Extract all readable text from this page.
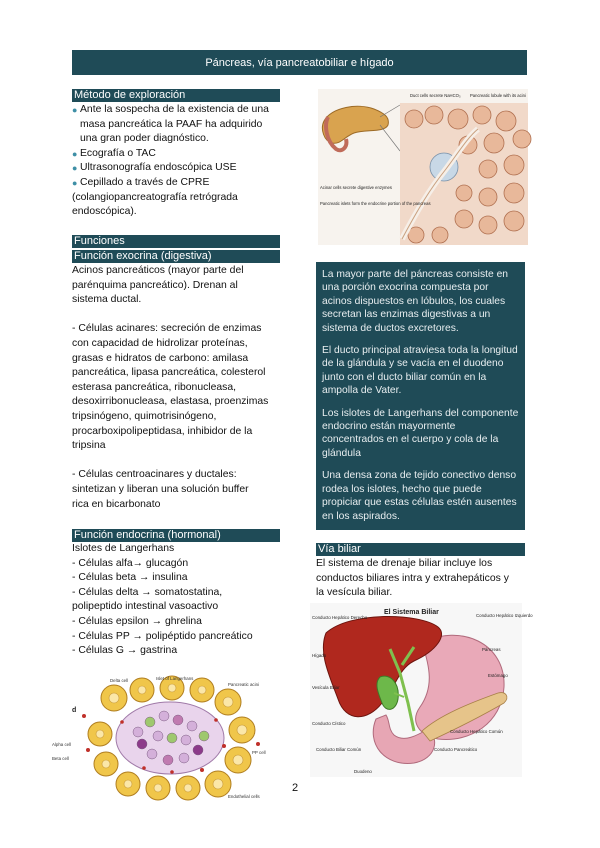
Páncreas, vía pancreatobiliar e hígado
Método de exploración
● Ante la sospecha de la existencia de una
masa pancreática la PAAF ha adquirido
una gran poder diagnóstico.
● Ecografía o TAC
● Ultrasonografía endoscópica USE
● Cepillado a través de CPRE
(colangiopancreatografía retrógrada
endoscópica).
Funciones
Función exocrina (digestiva)
Acinos pancreáticos (mayor parte del
parénquima pancreático). Drenan al
sistema ductal.
- Células acinares: secreción de enzimas
con capacidad de hidrolizar proteínas,
grasas e hidratos de carbono: amilasa
pancreática, lipasa pancreática, colesterol
esterasa pancreática, ribonucleasa,
desoxirribonucleasa, elastasa, proenzimas
tripsinógeno, quimotrisinógeno,
procarboxipolipeptidasa, inhibidor de la
tripsina
- Células centroacinares y ductales:
sintetizan y liberan una solución buffer
rica en bicarbonato
Función endocrina (hormonal)
Islotes de Langerhans
- Células alfa→ glucagón
- Células beta → insulina
- Células delta → somatostatina,
polipeptido intestinal vasoactivo
- Células epsilon → ghrelina
- Células PP → polipéptido pancreático
- Células G → gastrina
Duct cells secrete NaHCO₃ Pancreatic lobule with its acini
Acinar cells secrete digestive enzymes
Pancreatic islets form the endocrine portion of the pancreas

La mayor parte del páncreas consiste en una porción exocrina compuesta por acinos dispuestos en lóbulos, los cuales secretan las enzimas digestivas a un sistema de ductos excretores.

El ducto principal atraviesa toda la longitud de la glándula y se vacía en el duodeno junto con el ducto biliar común en la ampolla de Vater.

Los islotes de Langerhans del componente endocrino están mayormente concentrados en el cuerpo y cola de la glándula

Una densa zona de tejido conectivo denso rodea los islotes, hecho que puede propiciar que estas células estén ausentes en los aspirados.

Vía biliar
El sistema de drenaje biliar incluye los
conductos biliares intra y extrahepáticos y
la vesícula biliar.
El Sistema Biliar
Conducto Hepático Derecho	Conducto Hepático Izquierdo
Páncreas
Hígado
Estómago
Vesícula Biliar
Conducto Cístico
Conducto Hepático Común
Conducto Biliar Común	Conducto Pancreático
Duodeno
d
Delta cell	Islet of Langerhans
Pancreatic acini
Alpha cell
Beta cell
PP cell
Endothelial cells
2
